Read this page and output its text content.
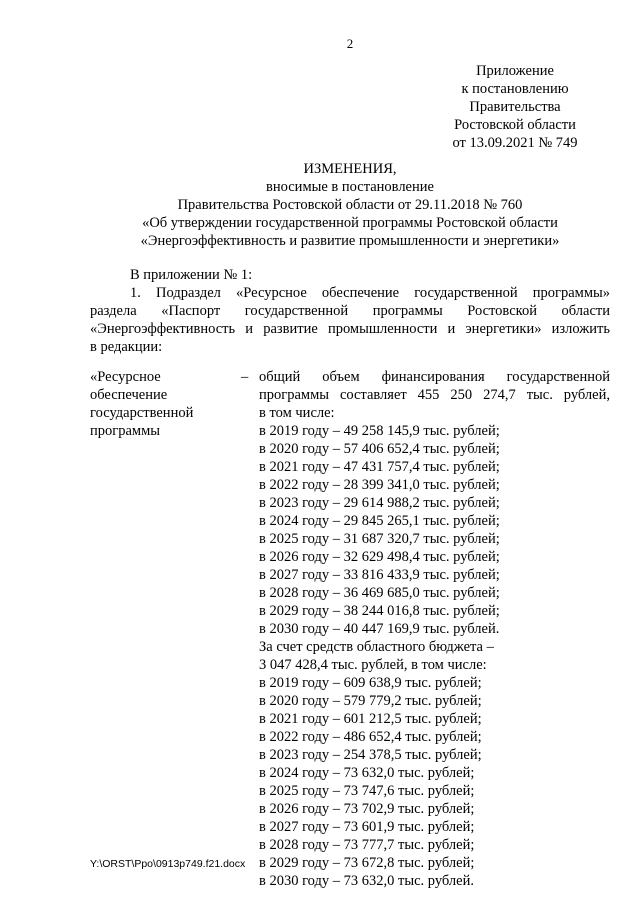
2
Приложение
к постановлению
Правительства
Ростовской области
от 13.09.2021 № 749
ИЗМЕНЕНИЯ,
вносимые в постановление
Правительства Ростовской области от 29.11.2018 № 760
«Об утверждении государственной программы Ростовской области
«Энергоэффективность и развитие промышленности и энергетики»
В приложении № 1:
1. Подраздел «Ресурсное обеспечение государственной программы»
раздела «Паспорт государственной программы Ростовской области
«Энергоэффективность и развитие промышленности и энергетики» изложить
в редакции:
«Ресурсное
обеспечение
государственной
программы
– общий объем финансирования государственной
программы составляет 455 250 274,7 тыс. рублей,
в том числе:
в 2019 году – 49 258 145,9 тыс. рублей;
в 2020 году – 57 406 652,4 тыс. рублей;
в 2021 году – 47 431 757,4 тыс. рублей;
в 2022 году – 28 399 341,0 тыс. рублей;
в 2023 году – 29 614 988,2 тыс. рублей;
в 2024 году – 29 845 265,1 тыс. рублей;
в 2025 году – 31 687 320,7 тыс. рублей;
в 2026 году – 32 629 498,4 тыс. рублей;
в 2027 году – 33 816 433,9 тыс. рублей;
в 2028 году – 36 469 685,0 тыс. рублей;
в 2029 году – 38 244 016,8 тыс. рублей;
в 2030 году – 40 447 169,9 тыс. рублей.
За счет средств областного бюджета –
3 047 428,4 тыс. рублей, в том числе:
в 2019 году – 609 638,9 тыс. рублей;
в 2020 году – 579 779,2 тыс. рублей;
в 2021 году – 601 212,5 тыс. рублей;
в 2022 году – 486 652,4 тыс. рублей;
в 2023 году – 254 378,5 тыс. рублей;
в 2024 году – 73 632,0 тыс. рублей;
в 2025 году – 73 747,6 тыс. рублей;
в 2026 году – 73 702,9 тыс. рублей;
в 2027 году – 73 601,9 тыс. рублей;
в 2028 году – 73 777,7 тыс. рублей;
в 2029 году – 73 672,8 тыс. рублей;
в 2030 году – 73 632,0 тыс. рублей.
Y:\ORST\Ppo\0913p749.f21.docx
